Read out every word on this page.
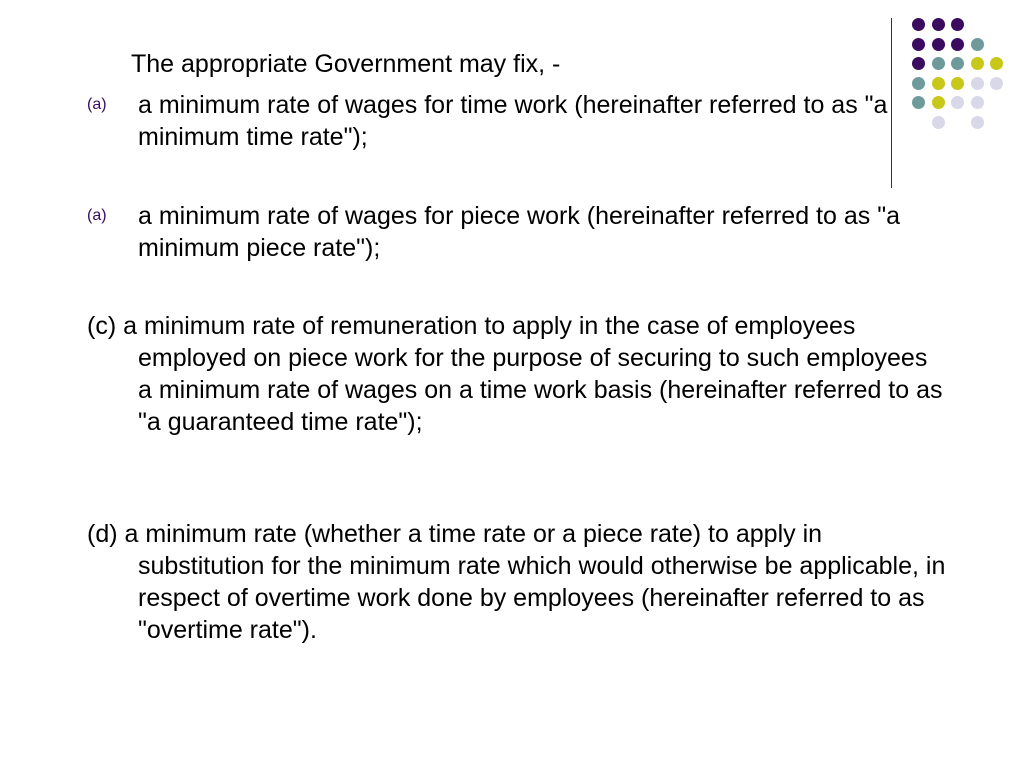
The appropriate Government may fix, -
(a) a minimum rate of wages for time work (hereinafter referred to as "a minimum time rate");
(a) a minimum rate of wages for piece work (hereinafter referred to as "a minimum piece rate");
(c) a minimum rate of remuneration to apply in the case of employees employed on piece work for the purpose of securing to such employees a minimum rate of wages on a time work basis (hereinafter referred to as "a guaranteed time rate");
(d) a minimum rate (whether a time rate or a piece rate) to apply in substitution for the minimum rate which would otherwise be applicable, in respect of overtime work done by employees (hereinafter referred to as "overtime rate").
